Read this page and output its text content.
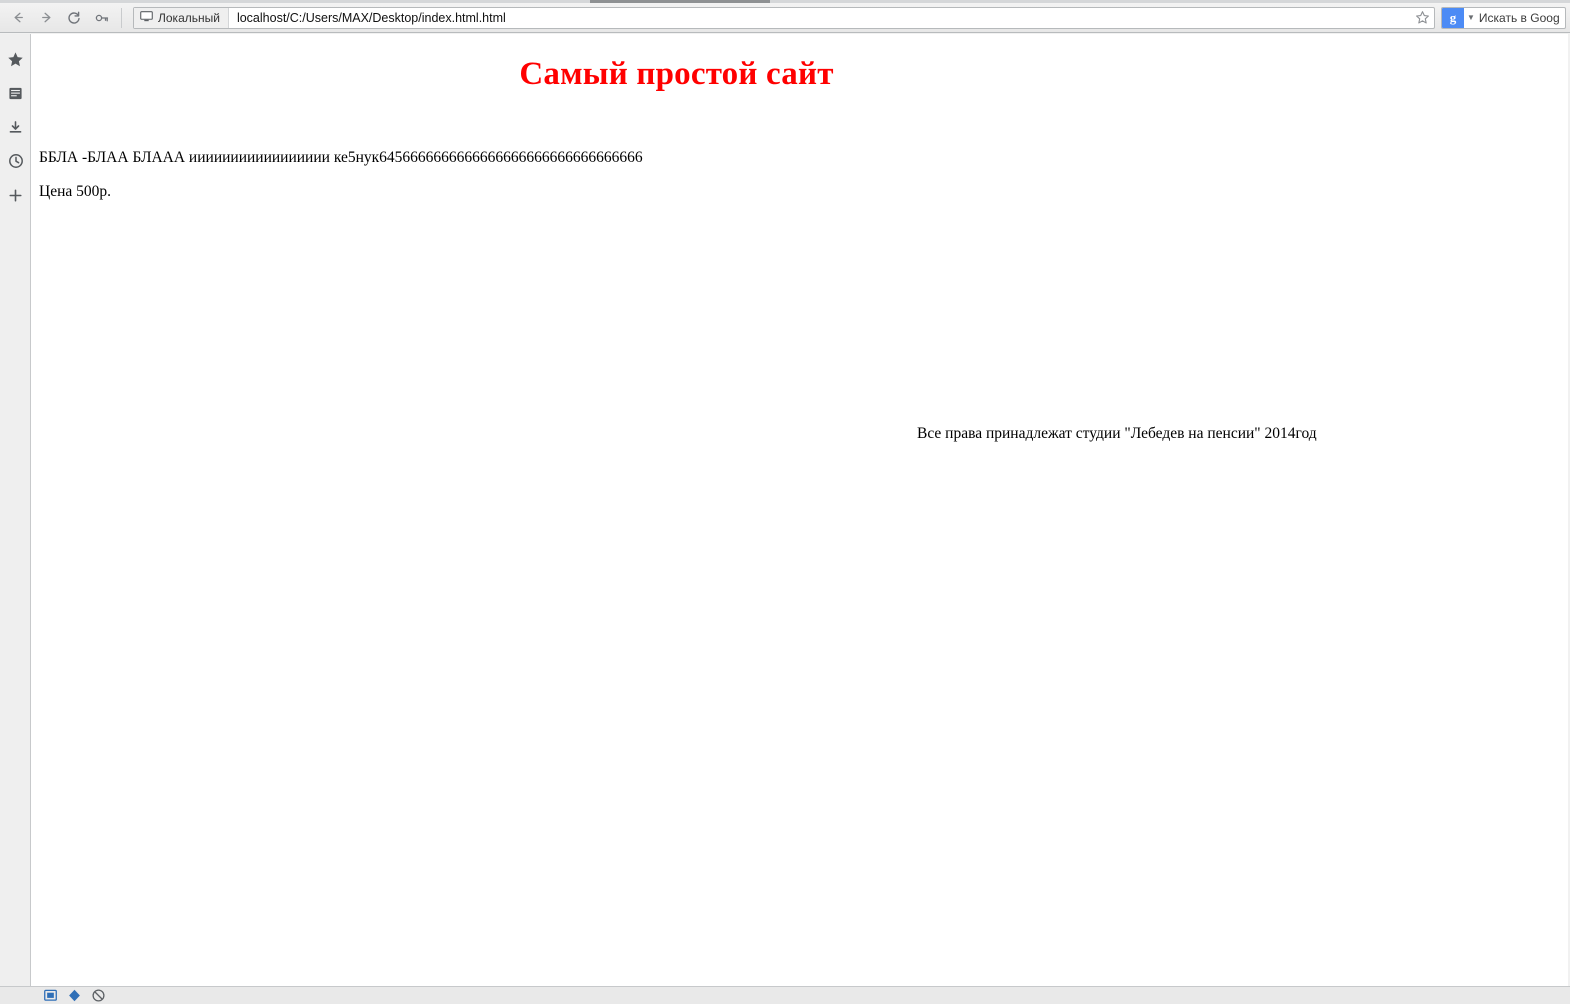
Локальный	localhost/C:/Users/MAX/Desktop/index.html.html	g	▼ Искать в Goog
Самый простой сайт

ББЛА -БЛАА БЛААА иииииииииииииииии ке5нук6456666666666666666666666666666666

Цена 500р.

Все права принадлежат студии "Лебедев на пенсии" 2014год
